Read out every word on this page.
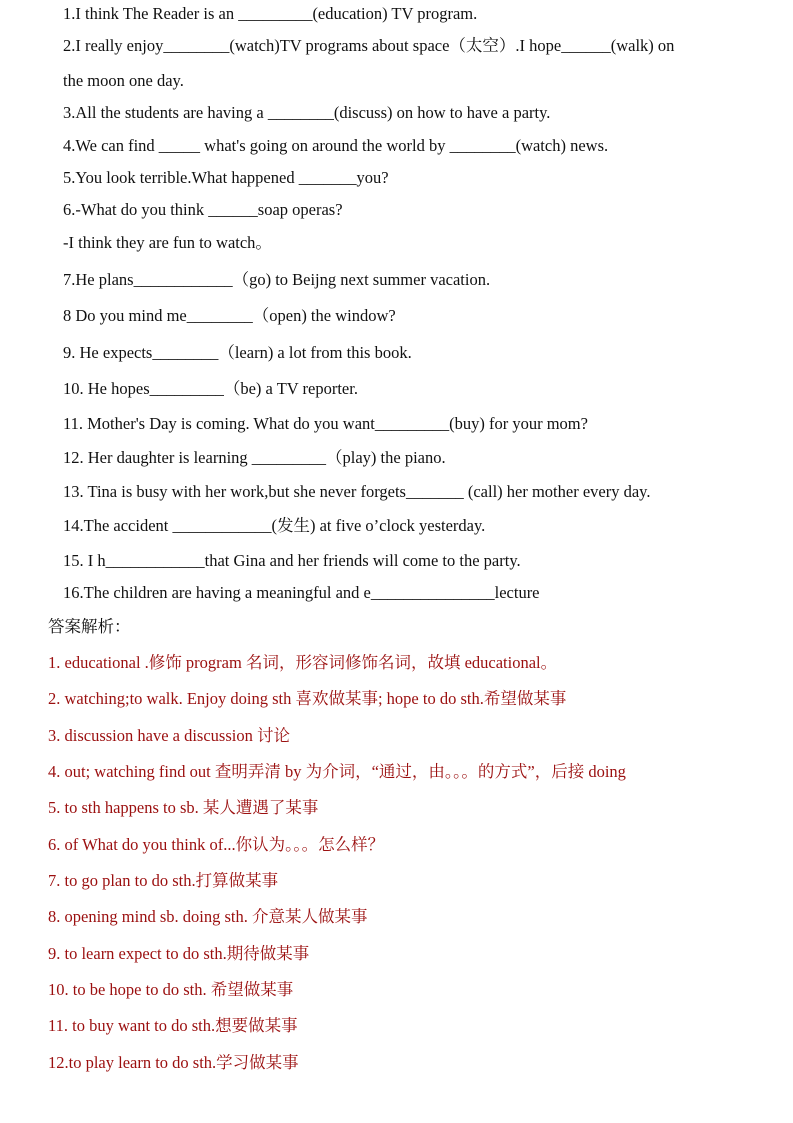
1.I think The Reader is an _________(education) TV program.
2.I really enjoy________(watch)TV programs about space（太空）.I hope______(walk) on
the moon one day.
3.All the students are having a ________(discuss) on how to have a party.
4.We can find _____ what's going on around the world by ________(watch) news.
5.You look terrible.What happened _______you?
6.-What do you think ______soap operas?
-I think they are fun to watch。
7.He plans____________（go) to Beijng next summer vacation.
8 Do you mind me________（open) the window?
9. He expects________（learn) a lot from this book.
10. He hopes_________（be) a TV reporter.
11. Mother's Day is coming. What do you want_________(buy) for your mom?
12. Her daughter is learning _________（play) the piano.
13. Tina is busy with her work,but she never forgets_______ (call) her mother every day.
14.The accident ____________(发生) at five o’clock yesterday.
15. I h____________that Gina and her friends will come to the party.
16.The children are having a meaningful and e_______________lecture
答案解析：
1. educational .修饰 program 名词，形容词修饰名词，故填 educational。
2. watching;to walk. Enjoy doing sth 喜欢做某事; hope to do sth.希望做某事
3. discussion have a discussion 讨论
4. out; watching find out 查明弄清 by 为介词，“通过，由。。。的方式”，后接 doing
5. to sth happens to sb. 某人遭遇了某事
6. of What do you think of...你认为。。。怎么样？
7. to go plan to do sth.打算做某事
8. opening mind sb. doing sth. 介意某人做某事
9. to learn expect to do sth.期待做某事
10. to be hope to do sth. 希望做某事
11. to buy want to do sth.想要做某事
12.to play learn to do sth.学习做某事
